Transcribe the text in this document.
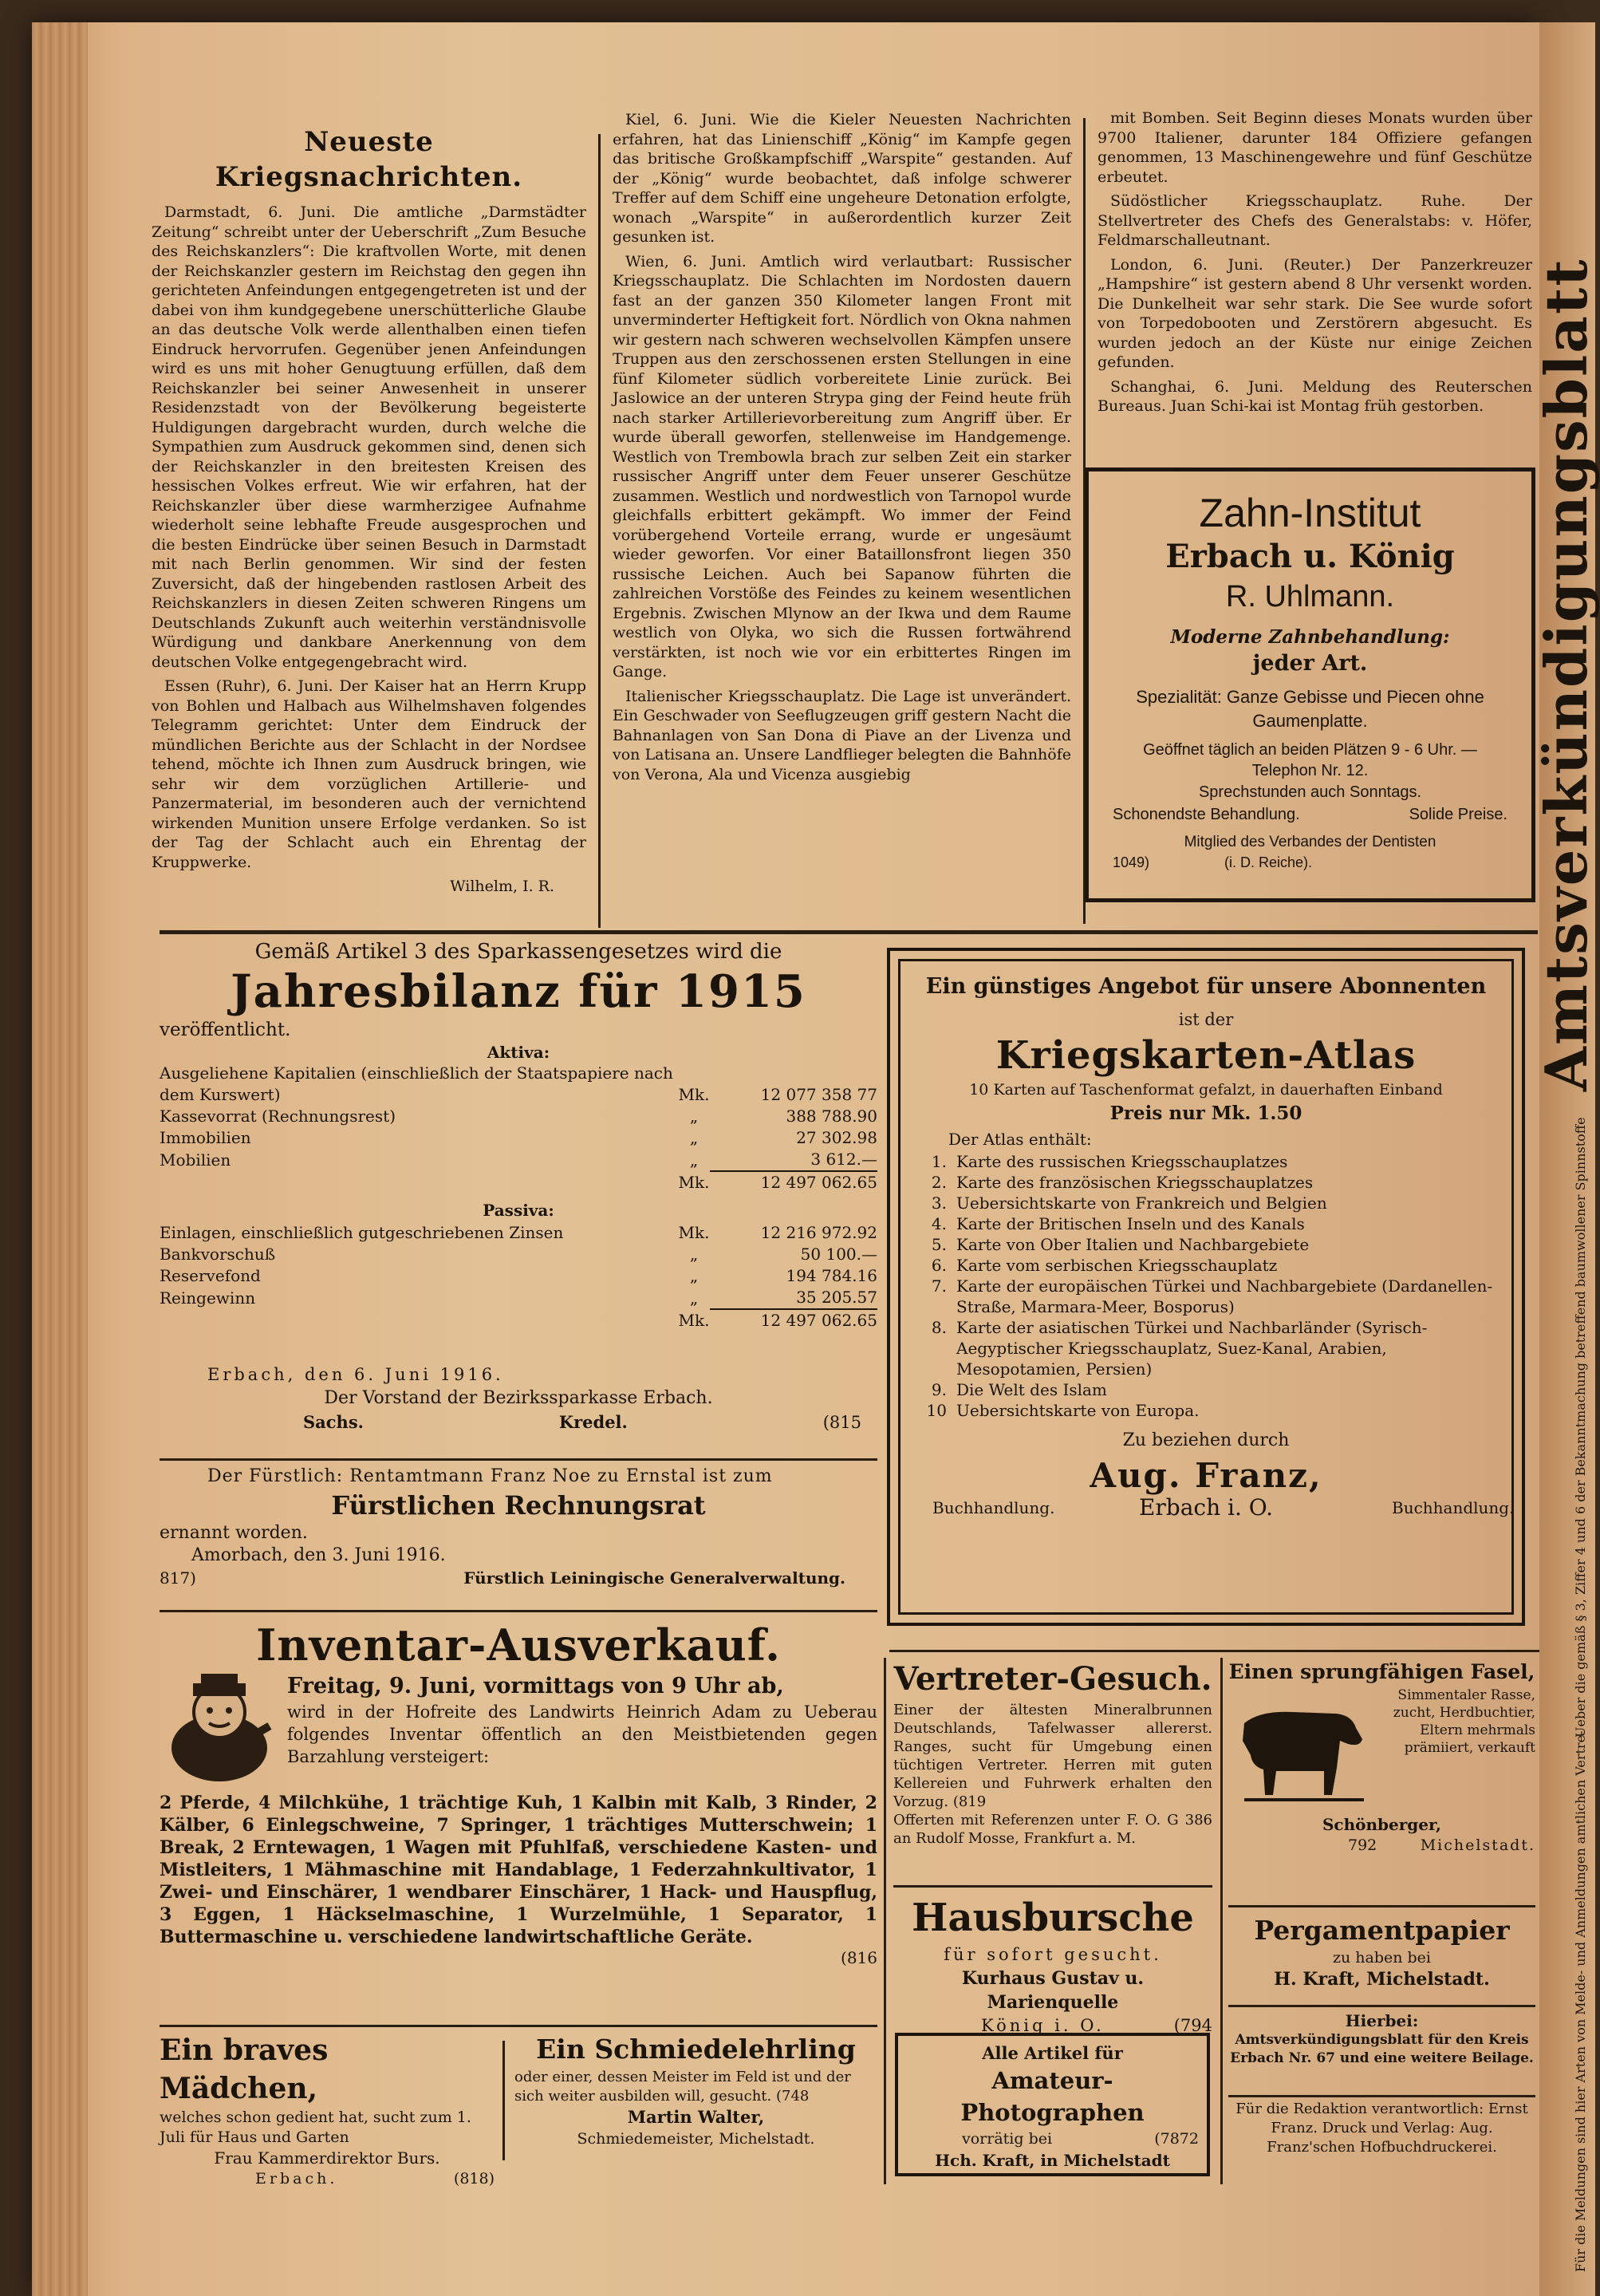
Neueste Kriegsnachrichten.

Darmstadt, 6. Juni. Die amtliche „Darmstädter Zeitung“ schreibt unter der Ueberschrift „Zum Besuche des Reichskanzlers“: Die kraftvollen Worte, mit denen der Reichskanzler gestern im Reichstag den gegen ihn gerichteten Anfeindungen entgegengetreten ist und der dabei von ihm kundgegebene unerschütterliche Glaube an das deutsche Volk werde allenthalben einen tiefen Eindruck hervorrufen. Gegenüber jenen Anfeindungen wird es uns mit hoher Genugtuung erfüllen, daß dem Reichskanzler bei seiner Anwesenheit in unserer Residenzstadt von der Bevölkerung begeisterte Huldigungen dargebracht wurden, durch welche die Sympathien zum Ausdruck gekommen sind, denen sich der Reichskanzler in den breitesten Kreisen des hessischen Volkes erfreut. Wie wir erfahren, hat der Reichskanzler über diese warmherzigee Aufnahme wiederholt seine lebhafte Freude ausgesprochen und die besten Eindrücke über seinen Besuch in Darmstadt mit nach Berlin genommen. Wir sind der festen Zuversicht, daß der hingebenden rastlosen Arbeit des Reichskanzlers in diesen Zeiten schweren Ringens um Deutschlands Zukunft auch weiterhin verständnisvolle Würdigung und dankbare Anerkennung von dem deutschen Volke entgegengebracht wird.

Essen (Ruhr), 6. Juni. Der Kaiser hat an Herrn Krupp von Bohlen und Halbach aus Wilhelmshaven folgendes Telegramm gerichtet: Unter dem Eindruck der mündlichen Berichte aus der Schlacht in der Nordsee tehend, möchte ich Ihnen zum Ausdruck bringen, wie sehr wir dem vorzüglichen Artillerie- und Panzermaterial, im besonderen auch der vernichtend wirkenden Munition unsere Erfolge verdanken. So ist der Tag der Schlacht auch ein Ehrentag der Kruppwerke.

Wilhelm, I. R.

Kiel, 6. Juni. Wie die Kieler Neuesten Nachrichten erfahren, hat das Linienschiff „König“ im Kampfe gegen das britische Großkampfschiff „Warspite“ gestanden. Auf der „König“ wurde beobachtet, daß infolge schwerer Treffer auf dem Schiff eine ungeheure Detonation erfolgte, wonach „Warspite“ in außerordentlich kurzer Zeit gesunken ist.

Wien, 6. Juni. Amtlich wird verlautbart: Russischer Kriegsschauplatz. Die Schlachten im Nordosten dauern fast an der ganzen 350 Kilometer langen Front mit unverminderter Heftigkeit fort. Nördlich von Okna nahmen wir gestern nach schweren wechselvollen Kämpfen unsere Truppen aus den zerschossenen ersten Stellungen in eine fünf Kilometer südlich vorbereitete Linie zurück. Bei Jaslowice an der unteren Strypa ging der Feind heute früh nach starker Artillerievorbereitung zum Angriff über. Er wurde überall geworfen, stellenweise im Handgemenge. Westlich von Trembowla brach zur selben Zeit ein starker russischer Angriff unter dem Feuer unserer Geschütze zusammen. Westlich und nordwestlich von Tarnopol wurde gleichfalls erbittert gekämpft. Wo immer der Feind vorübergehend Vorteile errang, wurde er ungesäumt wieder geworfen. Vor einer Bataillonsfront liegen 350 russische Leichen. Auch bei Sapanow führten die zahlreichen Vorstöße des Feindes zu keinem wesentlichen Ergebnis. Zwischen Mlynow an der Ikwa und dem Raume westlich von Olyka, wo sich die Russen fortwährend verstärkten, ist noch wie vor ein erbittertes Ringen im Gange.

Italienischer Kriegsschauplatz. Die Lage ist unverändert. Ein Geschwader von Seeflugzeugen griff gestern Nacht die Bahnanlagen von San Dona di Piave an der Livenza und von Latisana an. Unsere Landflieger belegten die Bahnhöfe von Verona, Ala und Vicenza ausgiebig

mit Bomben. Seit Beginn dieses Monats wurden über 9700 Italiener, darunter 184 Offiziere gefangen genommen, 13 Maschinengewehre und fünf Geschütze erbeutet.

Südöstlicher Kriegsschauplatz. Ruhe. Der Stellvertreter des Chefs des Generalstabs: v. Höfer, Feldmarschalleutnant.

London, 6. Juni. (Reuter.) Der Panzerkreuzer „Hampshire“ ist gestern abend 8 Uhr versenkt worden. Die Dunkelheit war sehr stark. Die See wurde sofort von Torpedobooten und Zerstörern abgesucht. Es wurden jedoch an der Küste nur einige Zeichen gefunden.

Schanghai, 6. Juni. Meldung des Reuterschen Bureaus. Juan Schi-kai ist Montag früh gestorben.

Zahn-Institut
Erbach u. König
R. Uhlmann.
Moderne Zahnbehandlung:
jeder Art.
Spezialität: Ganze Gebisse und Piecen ohne Gaumenplatte.
Geöffnet täglich an beiden Plätzen 9 - 6 Uhr. — Telephon Nr. 12.
Sprechstunden auch Sonntags.
Schonendste Behandlung.	Solide Preise.
Mitglied des Verbandes der Dentisten
1049)	(i. D. Reiche).
Gemäß Artikel 3 des Sparkassengesetzes wird die
Jahresbilanz für 1915
veröffentlicht.
Aktiva:
Ausgeliehene Kapitalien (einschließlich der Staatspapiere nach dem Kurswert)	Mk.	12 077 358 77
Kassevorrat (Rechnungsrest)	„	388 788.90
Immobilien	„	27 302.98
Mobilien	„	3 612.—
	Mk.	12 497 062.65
Passiva:
Einlagen, einschließlich gutgeschriebenen Zinsen	Mk.	12 216 972.92
Bankvorschuß	„	50 100.—
Reservefond	„	194 784.16
Reingewinn	„	35 205.57
	Mk.	12 497 062.65
Erbach, den 6. Juni 1916.
Der Vorstand der Bezirkssparkasse Erbach.
Sachs.	Kredel.	(815
Der Fürstlich: Rentamtmann Franz Noe zu Ernstal ist zum
Fürstlichen Rechnungsrat
ernannt worden.
Amorbach, den 3. Juni 1916.
817)	Fürstlich Leiningische Generalverwaltung.
Ein günstiges Angebot für unsere Abonnenten
ist der
Kriegskarten-Atlas
10 Karten auf Taschenformat gefalzt, in dauerhaften Einband
Preis nur Mk. 1.50
Der Atlas enthält:
1. Karte des russischen Kriegsschauplatzes
2. Karte des französischen Kriegsschauplatzes
3. Uebersichtskarte von Frankreich und Belgien
4. Karte der Britischen Inseln und des Kanals
5. Karte von Ober Italien und Nachbargebiete
6. Karte vom serbischen Kriegsschauplatz
7. Karte der europäischen Türkei und Nachbargebiete (Dardanellen-Straße, Marmara-Meer, Bosporus)
8. Karte der asiatischen Türkei und Nachbarländer (Syrisch-Aegyptischer Kriegsschauplatz, Suez-Kanal, Arabien, Mesopotamien, Persien)
9. Die Welt des Islam
10 Uebersichtskarte von Europa.
Zu beziehen durch
Aug. Franz,
Buchhandlung.	Erbach i. O.	Buchhandlung.
Inventar-Ausverkauf.
Freitag, 9. Juni, vormittags von 9 Uhr ab,
wird in der Hofreite des Landwirts Heinrich Adam zu Ueberau folgendes Inventar öffentlich an den Meistbietenden gegen Barzahlung versteigert:
2 Pferde, 4 Milchkühe, 1 trächtige Kuh, 1 Kalbin mit Kalb, 3 Rinder, 2 Kälber, 6 Einlegschweine, 7 Springer, 1 trächtiges Mutterschwein; 1 Break, 2 Erntewagen, 1 Wagen mit Pfuhlfaß, verschiedene Kasten- und Mistleiters, 1 Mähmaschine mit Handablage, 1 Federzahnkultivator, 1 Zwei- und Einschärer, 1 wendbarer Einschärer, 1 Hack- und Hauspflug, 3 Eggen, 1 Häckselmaschine, 1 Wurzelmühle, 1 Separator, 1 Buttermaschine u. verschiedene landwirtschaftliche Geräte.
(816
Ein braves Mädchen,
welches schon gedient hat, sucht zum 1. Juli für Haus und Garten
Frau Kammerdirektor Burs.
Erbach.	(818)
Ein Schmiedelehrling
oder einer, dessen Meister im Feld ist und der sich weiter ausbilden will, gesucht. (748
Martin Walter,
Schmiedemeister, Michelstadt.
Vertreter-Gesuch.
Einer der ältesten Mineralbrunnen Deutschlands, Tafelwasser allererst. Ranges, sucht für Umgebung einen tüchtigen Vertreter. Herren mit guten Kellereien und Fuhrwerk erhalten den Vorzug. (819
Offerten mit Referenzen unter F. O. G 386 an Rudolf Mosse, Frankfurt a. M.
Hausbursche
für sofort gesucht.
Kurhaus Gustav u. Marienquelle
König i. O.	(794
Alle Artikel für
Amateur-Photographen
vorrätig bei	(7872
Hch. Kraft, in Michelstadt
Einen sprungfähigen Fasel,
Simmentaler Rasse, zucht, Herdbuchtier, Eltern mehrmals prämiiert, verkauft
Schönberger,
792	Michelstadt.
Pergamentpapier
zu haben bei
H. Kraft, Michelstadt.
Hierbei:
Amtsverkündigungsblatt für den Kreis Erbach Nr. 67 und eine weitere Beilage.
Für die Redaktion verantwortlich: Ernst Franz. Druck und Verlag: Aug. Franz'schen Hofbuchdruckerei.
Amtsverkündigungsblatt
Ueber die gemäß § 3, Ziffer 4 und 6 der Bekanntmachung betreffend baumwollener Spinnstoffe
Für die Meldungen sind hier Arten von Melde- und Anmeldungen amtlichen Vertre-
